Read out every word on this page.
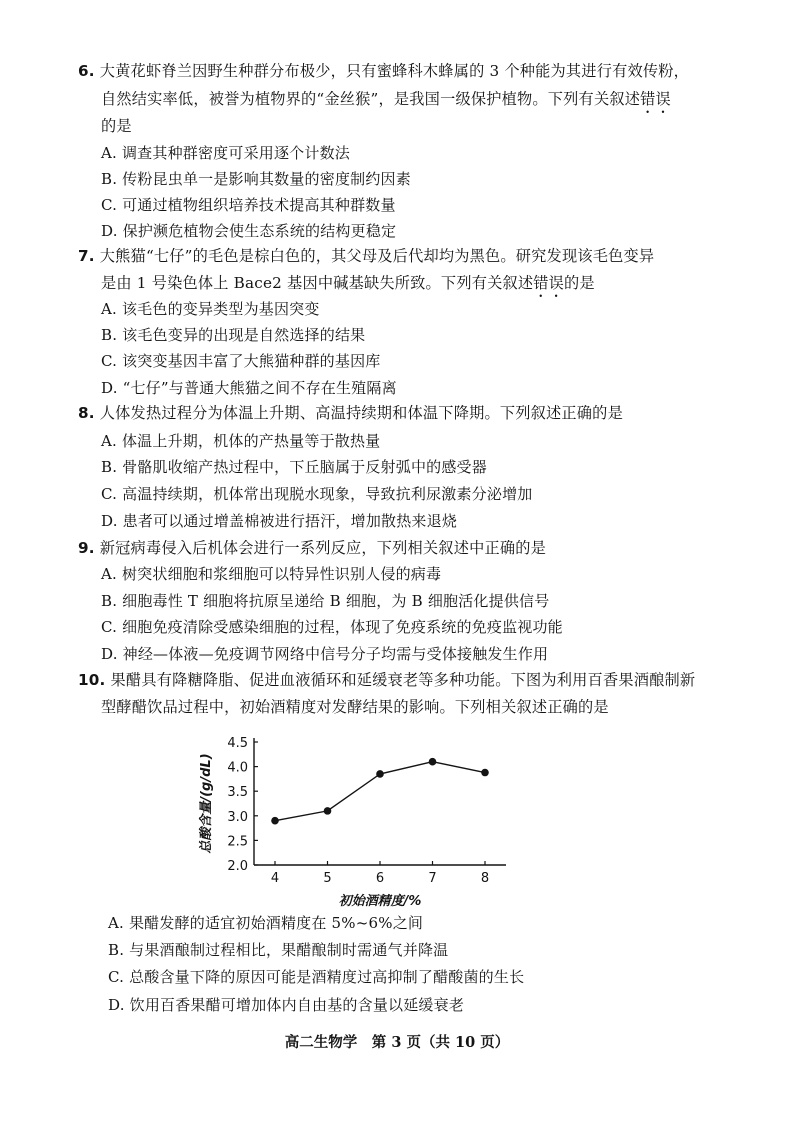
6. 大黄花虾脊兰因野生种群分布极少，只有蜜蜂科木蜂属的 3 个种能为其进行有效传粉，
自然结实率低，被誉为植物界的“金丝猴”，是我国一级保护植物。下列有关叙述错误
的是
A. 调查其种群密度可采用逐个计数法
B. 传粉昆虫单一是影响其数量的密度制约因素
C. 可通过植物组织培养技术提高其种群数量
D. 保护濒危植物会使生态系统的结构更稳定
7. 大熊猫“七仔”的毛色是棕白色的，其父母及后代却均为黑色。研究发现该毛色变异
是由 1 号染色体上 Bace2 基因中碱基缺失所致。下列有关叙述错误的是
A. 该毛色的变异类型为基因突变
B. 该毛色变异的出现是自然选择的结果
C. 该突变基因丰富了大熊猫种群的基因库
D. “七仔”与普通大熊猫之间不存在生殖隔离
8. 人体发热过程分为体温上升期、高温持续期和体温下降期。下列叙述正确的是
A. 体温上升期，机体的产热量等于散热量
B. 骨骼肌收缩产热过程中，下丘脑属于反射弧中的感受器
C. 高温持续期，机体常出现脱水现象，导致抗利尿激素分泌增加
D. 患者可以通过增盖棉被进行捂汗，增加散热来退烧
9. 新冠病毒侵入后机体会进行一系列反应，下列相关叙述中正确的是
A. 树突状细胞和浆细胞可以特异性识别人侵的病毒
B. 细胞毒性 T 细胞将抗原呈递给 B 细胞，为 B 细胞活化提供信号
C. 细胞免疫清除受感染细胞的过程，体现了免疫系统的免疫监视功能
D. 神经—体液—免疫调节网络中信号分子均需与受体接触发生作用
10. 果醋具有降糖降脂、促进血液循环和延缓衰老等多种功能。下图为利用百香果酒酿制新
型酵醋饮品过程中，初始酒精度对发酵结果的影响。下列相关叙述正确的是
4	5	6	7	8
2.0
2.5
3.0
3.5
4.0
4.5
初始酒精度/%
总酸含量/(g/dL)
A. 果醋发酵的适宜初始酒精度在 5%~6%之间
B. 与果酒酿制过程相比，果醋酿制时需通气并降温
C. 总酸含量下降的原因可能是酒精度过高抑制了醋酸菌的生长
D. 饮用百香果醋可增加体内自由基的含量以延缓衰老
高二生物学　第 3 页（共 10 页）
